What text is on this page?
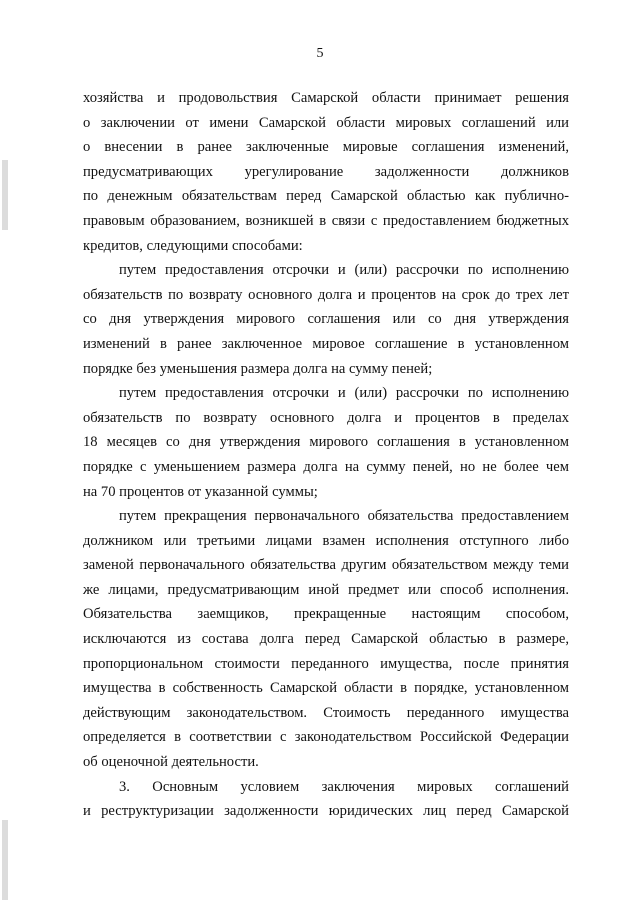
5
хозяйства и продовольствия Самарской области принимает решения
о заключении от имени Самарской области мировых соглашений или
о внесении в ранее заключенные мировые соглашения изменений,
предусматривающих урегулирование задолженности должников
по денежным обязательствам перед Самарской областью как публично-
правовым образованием, возникшей в связи с предоставлением бюджетных
кредитов, следующими способами:
путем предоставления отсрочки и (или) рассрочки по исполнению
обязательств по возврату основного долга и процентов на срок до трех лет
со дня утверждения мирового соглашения или со дня утверждения
изменений в ранее заключенное мировое соглашение в установленном
порядке без уменьшения размера долга на сумму пеней;
путем предоставления отсрочки и (или) рассрочки по исполнению
обязательств по возврату основного долга и процентов в пределах
18 месяцев со дня утверждения мирового соглашения в установленном
порядке с уменьшением размера долга на сумму пеней, но не более чем
на 70 процентов от указанной суммы;
путем прекращения первоначального обязательства предоставлением
должником или третьими лицами взамен исполнения отступного либо
заменой первоначального обязательства другим обязательством между теми
же лицами, предусматривающим иной предмет или способ исполнения.
Обязательства заемщиков, прекращенные настоящим способом,
исключаются из состава долга перед Самарской областью в размере,
пропорциональном стоимости переданного имущества, после принятия
имущества в собственность Самарской области в порядке, установленном
действующим законодательством. Стоимость переданного имущества
определяется в соответствии с законодательством Российской Федерации
об оценочной деятельности.
3. Основным условием заключения мировых соглашений
и реструктуризации задолженности юридических лиц перед Самарской
